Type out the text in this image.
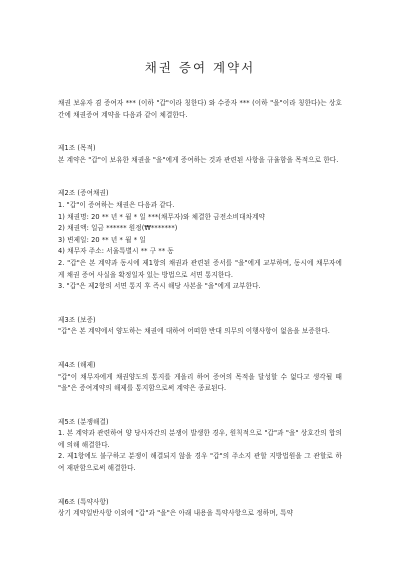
채권 증여 계약서

채권 보유자 겸 증여자 *** (이하 "갑"이라 칭한다) 와 수증자 *** (이하 "을"이라 칭한다)는 상호간에 채권증여 계약을 다음과 같이 체결한다.

제1조 (목적)

본 계약은 "갑"이 보유한 채권을 "을"에게 증여하는 것과 관련된 사항을 규율함을 목적으로 한다.

제2조 (증여채권)

1. "갑"이 증여하는 채권은 다음과 같다.

1) 채권명: 20 ** 년 * 월 * 일 ***(채무자)와 체결한 금전소비대차계약

2) 채권액: 일금 ****** 원정(₩*******)

3) 변제일: 20 ** 년 * 월 * 일

4) 채무자 주소: 서울특별시 ** 구 ** 동

2. "갑"은 본 계약과 동시에 제1항의 채권과 관련된 증서를 "을"에게 교부하며, 동시에 채무자에게 채권 증여 사실을 확정일자 있는 방법으로 서면 통지한다.

3. "갑"은 제2항의 서면 통지 후 즉시 해당 사본을 "을"에게 교부한다.

제3조 (보증)

"갑"은 본 계약에서 양도하는 채권에 대하여 어떠한 반대 의무의 이행사항이 없음을 보증한다.

제4조 (해제)

"갑"이 채무자에게 채권양도의 통지를 게을리 하여 증여의 목적을 달성할 수 없다고 생각될 때 "을"은 증여계약의 해제를 통지함으로써 계약은 종료된다.

제5조 (분쟁해결)

1. 본 계약과 관련하여 양 당사자간의 분쟁이 발생한 경우, 원칙적으로 "갑"과 "을" 상호간의 합의에 의해 해결한다.

2. 제1항에도 불구하고 분쟁이 해결되지 않을 경우 "갑"의 주소지 관할 지방법원을 그 관할로 하여 재판함으로써 해결한다.

제6조 (특약사항)

상기 계약일반사항 이외에 "갑"과 "을"은 아래 내용을 특약사항으로 정하며, 특약
